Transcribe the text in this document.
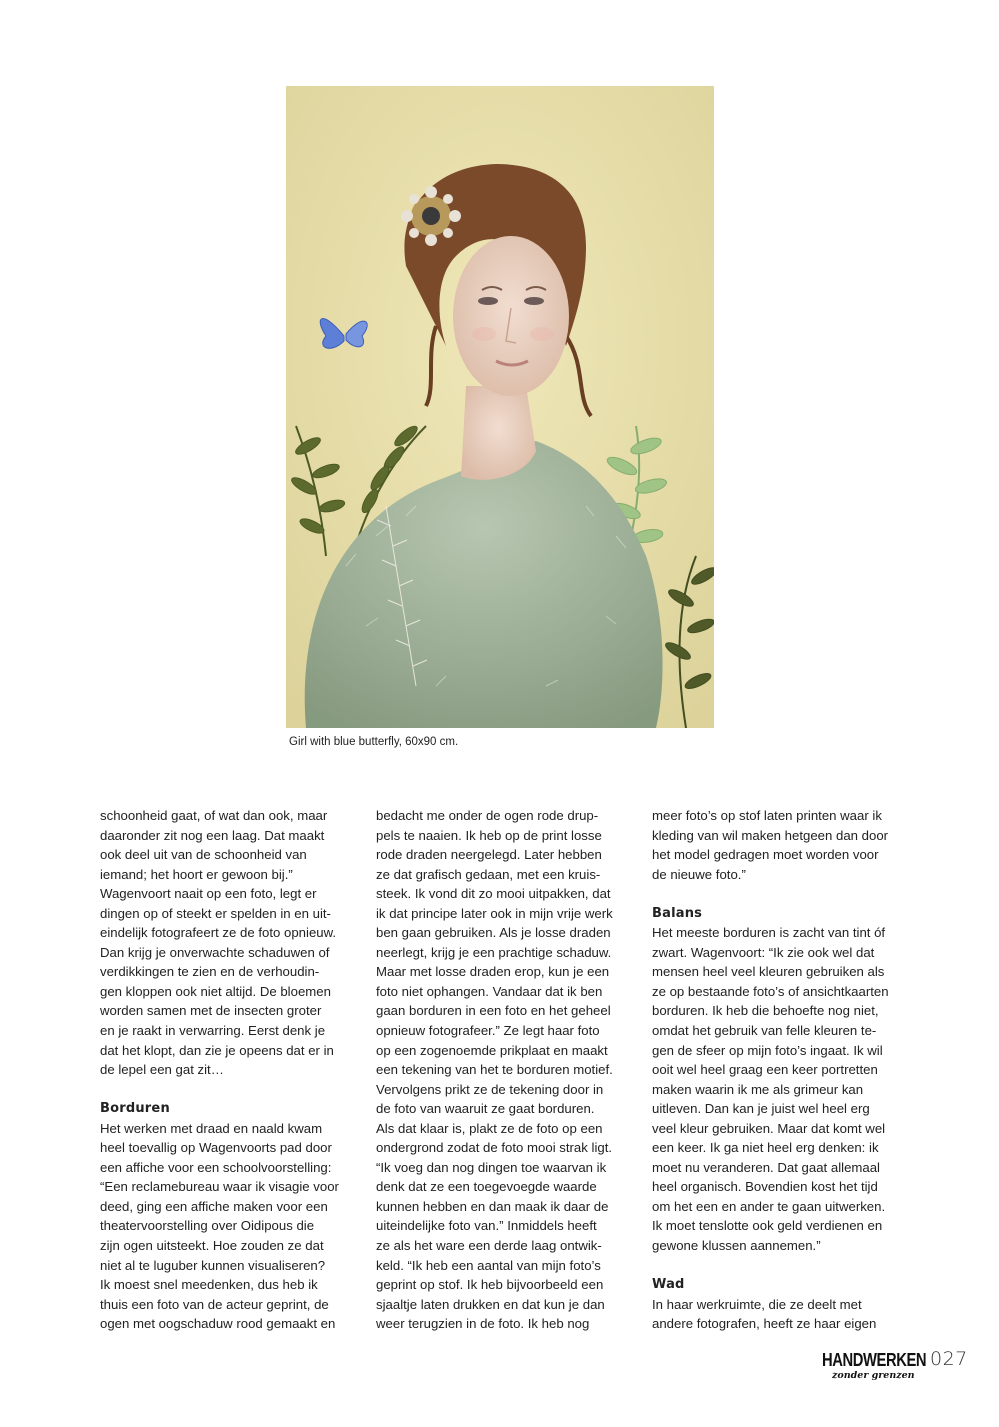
Girl with blue butterfly, 60x90 cm.

schoonheid gaat, of wat dan ook, maar

daaronder zit nog een laag. Dat maakt

ook deel uit van de schoonheid van

iemand; het hoort er gewoon bij.”

Wagenvoort naait op een foto, legt er

dingen op of steekt er spelden in en uit-

eindelijk fotografeert ze de foto opnieuw.

Dan krijg je onverwachte schaduwen of

verdikkingen te zien en de verhoudin-

gen kloppen ook niet altijd. De bloemen

worden samen met de insecten groter

en je raakt in verwarring. Eerst denk je

dat het klopt, dan zie je opeens dat er in

de lepel een gat zit…

Borduren

Het werken met draad en naald kwam

heel toevallig op Wagenvoorts pad door

een affiche voor een schoolvoorstelling:

“Een reclamebureau waar ik visagie voor

deed, ging een affiche maken voor een

theatervoorstelling over Oidipous die

zijn ogen uitsteekt. Hoe zouden ze dat

niet al te luguber kunnen visualiseren?

Ik moest snel meedenken, dus heb ik

thuis een foto van de acteur geprint, de

ogen met oogschaduw rood gemaakt en

bedacht me onder de ogen rode drup-

pels te naaien. Ik heb op de print losse

rode draden neergelegd. Later hebben

ze dat grafisch gedaan, met een kruis-

steek. Ik vond dit zo mooi uitpakken, dat

ik dat principe later ook in mijn vrije werk

ben gaan gebruiken. Als je losse draden

neerlegt, krijg je een prachtige schaduw.

Maar met losse draden erop, kun je een

foto niet ophangen. Vandaar dat ik ben

gaan borduren in een foto en het geheel

opnieuw fotografeer.” Ze legt haar foto

op een zogenoemde prikplaat en maakt

een tekening van het te borduren motief.

Vervolgens prikt ze de tekening door in

de foto van waaruit ze gaat borduren.

Als dat klaar is, plakt ze de foto op een

ondergrond zodat de foto mooi strak ligt.

“Ik voeg dan nog dingen toe waarvan ik

denk dat ze een toegevoegde waarde

kunnen hebben en dan maak ik daar de

uiteindelijke foto van.” Inmiddels heeft

ze als het ware een derde laag ontwik-

keld. “Ik heb een aantal van mijn foto’s

geprint op stof. Ik heb bijvoorbeeld een

sjaaltje laten drukken en dat kun je dan

weer terugzien in de foto. Ik heb nog

meer foto’s op stof laten printen waar ik

kleding van wil maken hetgeen dan door

het model gedragen moet worden voor

de nieuwe foto.”

Balans

Het meeste borduren is zacht van tint óf

zwart. Wagenvoort: “Ik zie ook wel dat

mensen heel veel kleuren gebruiken als

ze op bestaande foto’s of ansichtkaarten

borduren. Ik heb die behoefte nog niet,

omdat het gebruik van felle kleuren te-

gen de sfeer op mijn foto’s ingaat. Ik wil

ooit wel heel graag een keer portretten

maken waarin ik me als grimeur kan

uitleven. Dan kan je juist wel heel erg

veel kleur gebruiken. Maar dat komt wel

een keer. Ik ga niet heel erg denken: ik

moet nu veranderen. Dat gaat allemaal

heel organisch. Bovendien kost het tijd

om het een en ander te gaan uitwerken.

Ik moet tenslotte ook geld verdienen en

gewone klussen aannemen.”

Wad

In haar werkruimte, die ze deelt met

andere fotografen, heeft ze haar eigen

HANDWERKEN
zonder grenzen
027
